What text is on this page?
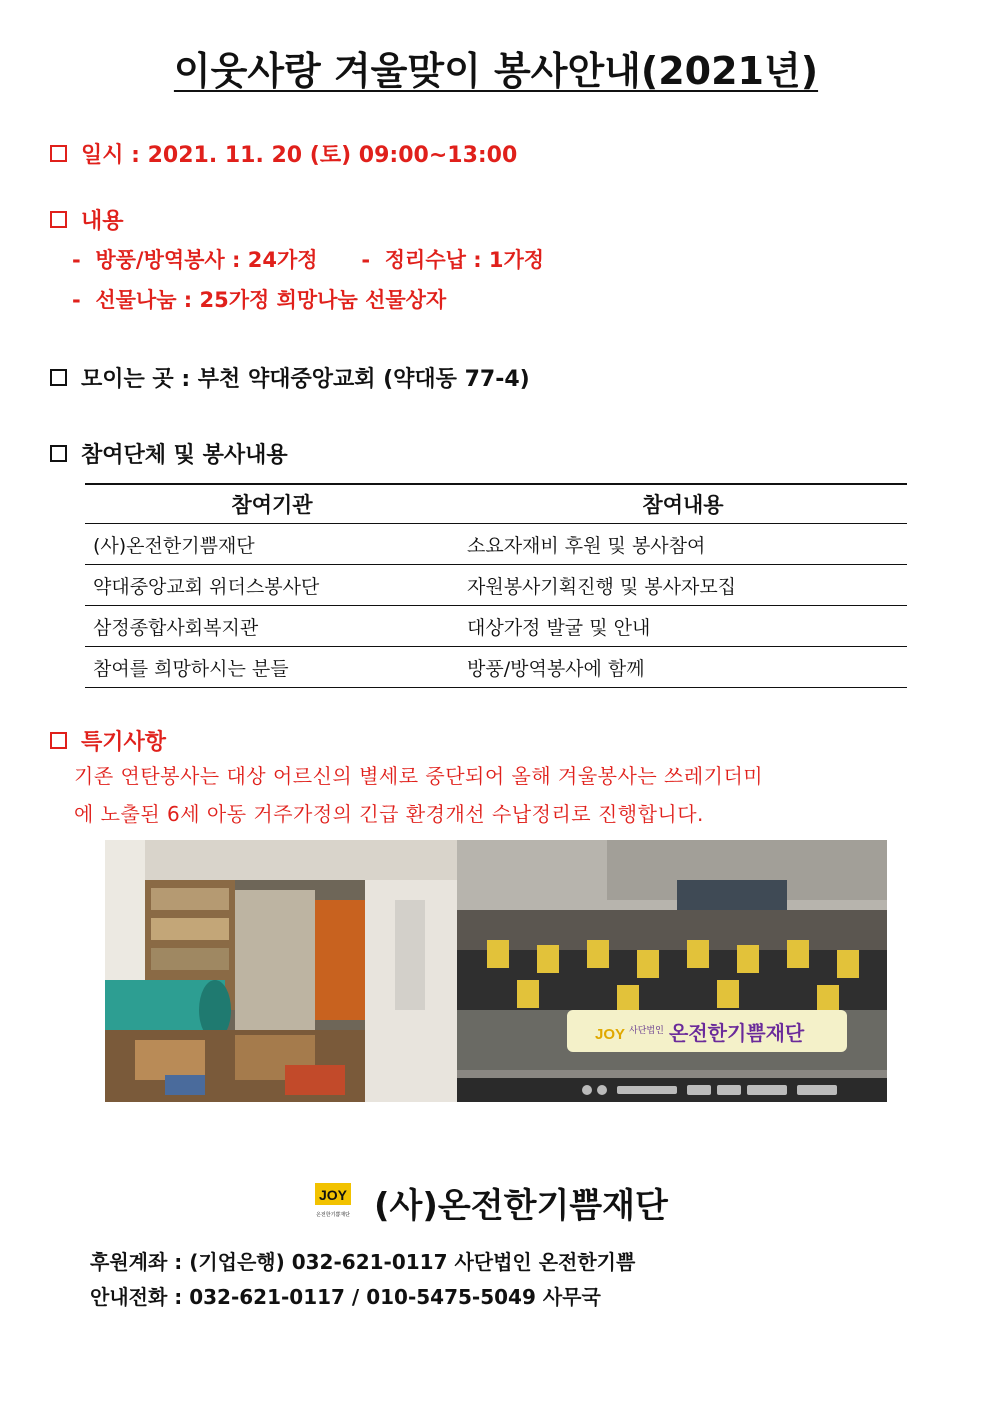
이웃사랑 겨울맞이 봉사안내(2021년)
일시 : 2021. 11. 20 (토) 09:00~13:00
내용
-  방풍/방역봉사 : 24가정      -  정리수납 : 1가정
-  선물나눔 : 25가정 희망나눔 선물상자
모이는 곳 : 부천 약대중앙교회 (약대동 77-4)
참여단체 및 봉사내용
참여기관	참여내용
(사)온전한기쁨재단	소요자재비 후원 및 봉사참여
약대중앙교회 위더스봉사단	자원봉사기획진행 및 봉사자모집
삼정종합사회복지관	대상가정 발굴 및 안내
참여를 희망하시는 분들	방풍/방역봉사에 함께
특기사항
기존 연탄봉사는 대상 어르신의 별세로 중단되어 올해 겨울봉사는 쓰레기더미
에 노출된 6세 아동 거주가정의 긴급 환경개선 수납정리로 진행합니다.
JOY 사단법인 온전한기쁨재단
JOY
온전한기쁨재단 (사)온전한기쁨재단
후원계좌 : (기업은행) 032-621-0117 사단법인 온전한기쁨
안내전화 : 032-621-0117 / 010-5475-5049 사무국
